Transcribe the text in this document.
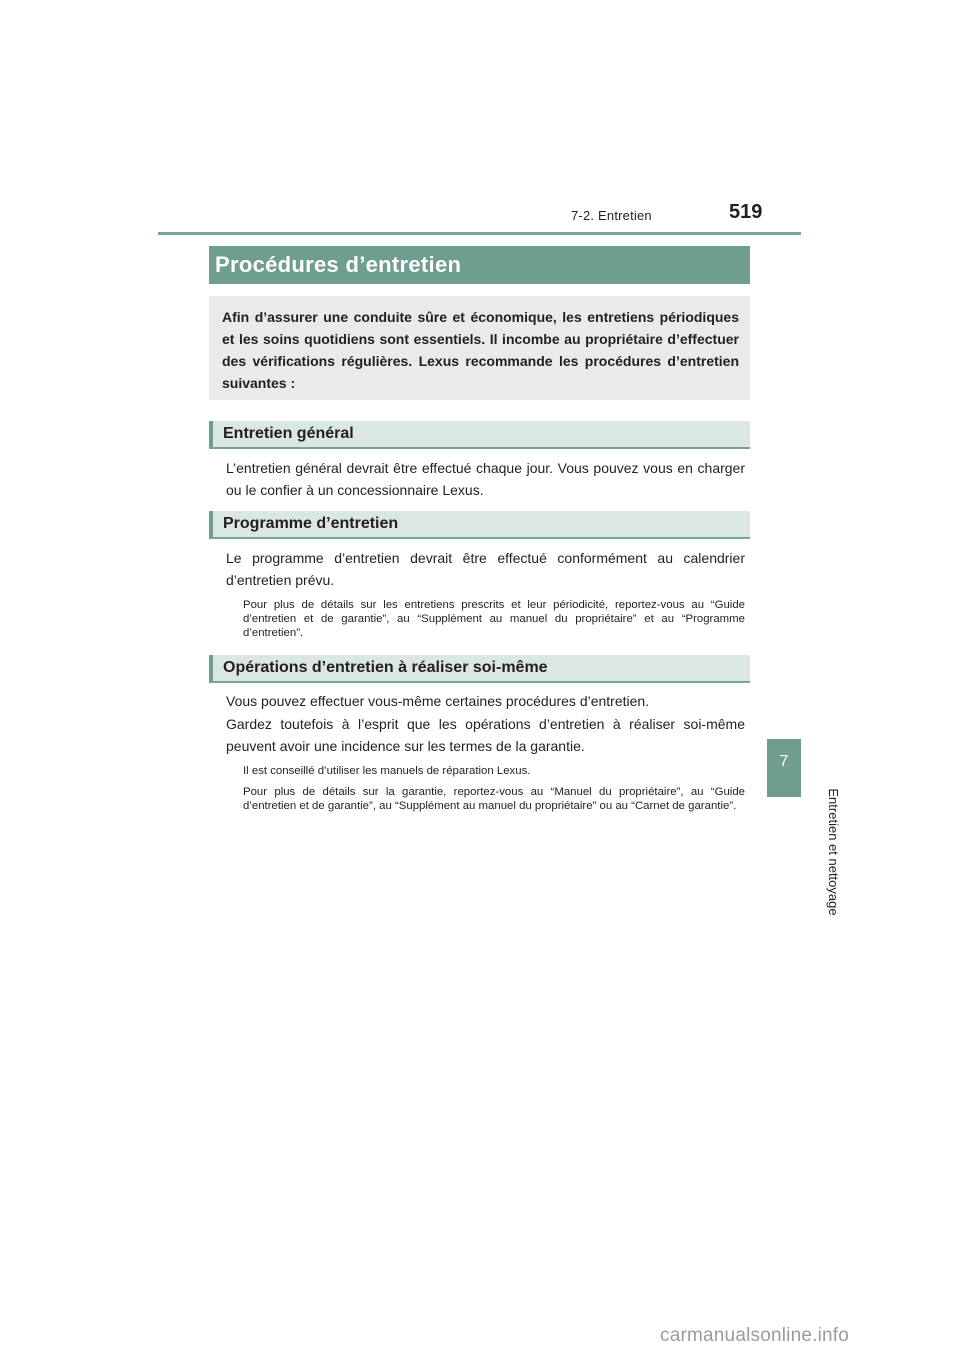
7-2. Entretien	519
7
Entretien et nettoyage
Procédures d’entretien

Afin d’assurer une conduite sûre et économique, les entretiens périodiques et les soins quotidiens sont essentiels. Il incombe au propriétaire d’effectuer des vérifications régulières. Lexus recommande les procédures d’entretien suivantes :

Entretien général

L’entretien général devrait être effectué chaque jour. Vous pouvez vous en charger ou le confier à un concessionnaire Lexus.

Programme d’entretien

Le programme d’entretien devrait être effectué conformément au calendrier d’entretien prévu.

Pour plus de détails sur les entretiens prescrits et leur périodicité, reportez-vous au “Guide d’entretien et de garantie”, au “Supplément au manuel du propriétaire” et au “Programme d’entretien”.

Opérations d’entretien à réaliser soi-même

Vous pouvez effectuer vous-même certaines procédures d’entretien.

Gardez toutefois à l’esprit que les opérations d’entretien à réaliser soi-même peuvent avoir une incidence sur les termes de la garantie.

Il est conseillé d’utiliser les manuels de réparation Lexus.

Pour plus de détails sur la garantie, reportez-vous au “Manuel du propriétaire”, au “Guide d’entretien et de garantie”, au “Supplément au manuel du propriétaire” ou au “Carnet de garantie”.

carmanualsonline.info
